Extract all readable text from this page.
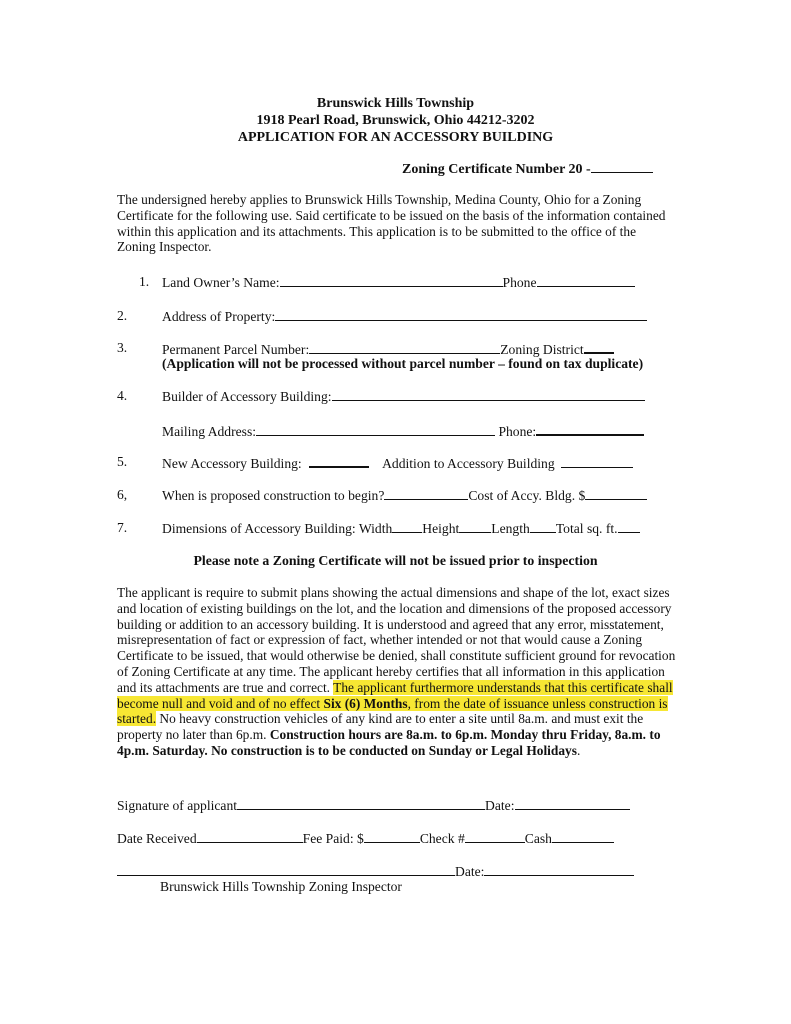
Brunswick Hills Township
1918 Pearl Road, Brunswick, Ohio 44212-3202
APPLICATION FOR AN ACCESSORY BUILDING
Zoning Certificate Number 20 -
The undersigned hereby applies to Brunswick Hills Township, Medina County, Ohio for a Zoning Certificate for the following use. Said certificate to be issued on the basis of the information contained within this application and its attachments. This application is to be submitted to the office of the Zoning Inspector.
1. Land Owner’s Name:	Phone
2.	Address of Property:
3.	Permanent Parcel Number:	Zoning District
(Application will not be processed without parcel number – found on tax duplicate)
4.	Builder of Accessory Building:
Mailing Address:	Phone:
5.	New Accessory Building:	Addition to Accessory Building
6,	When is proposed construction to begin?	Cost of Accy. Bldg. $
7.	Dimensions of Accessory Building: Width Height Length Total sq. ft.
Please note a Zoning Certificate will not be issued prior to inspection
The applicant is require to submit plans showing the actual dimensions and shape of the lot, exact sizes and location of existing buildings on the lot, and the location and dimensions of the proposed accessory building or addition to an accessory building. It is understood and agreed that any error, misstatement, misrepresentation of fact or expression of fact, whether intended or not that would cause a Zoning Certificate to be issued, that would otherwise be denied, shall constitute sufficient ground for revocation of Zoning Certificate at any time. The applicant hereby certifies that all information in this application and its attachments are true and correct. The applicant furthermore understands that this certificate shall become null and void and of no effect Six (6) Months, from the date of issuance unless construction is started. No heavy construction vehicles of any kind are to enter a site until 8a.m. and must exit the property no later than 6p.m. Construction hours are 8a.m. to 6p.m. Monday thru Friday, 8a.m. to 4p.m. Saturday. No construction is to be conducted on Sunday or Legal Holidays.
Signature of applicant	Date:
Date Received	Fee Paid: $	Check #	Cash
Date:
Brunswick Hills Township Zoning Inspector
